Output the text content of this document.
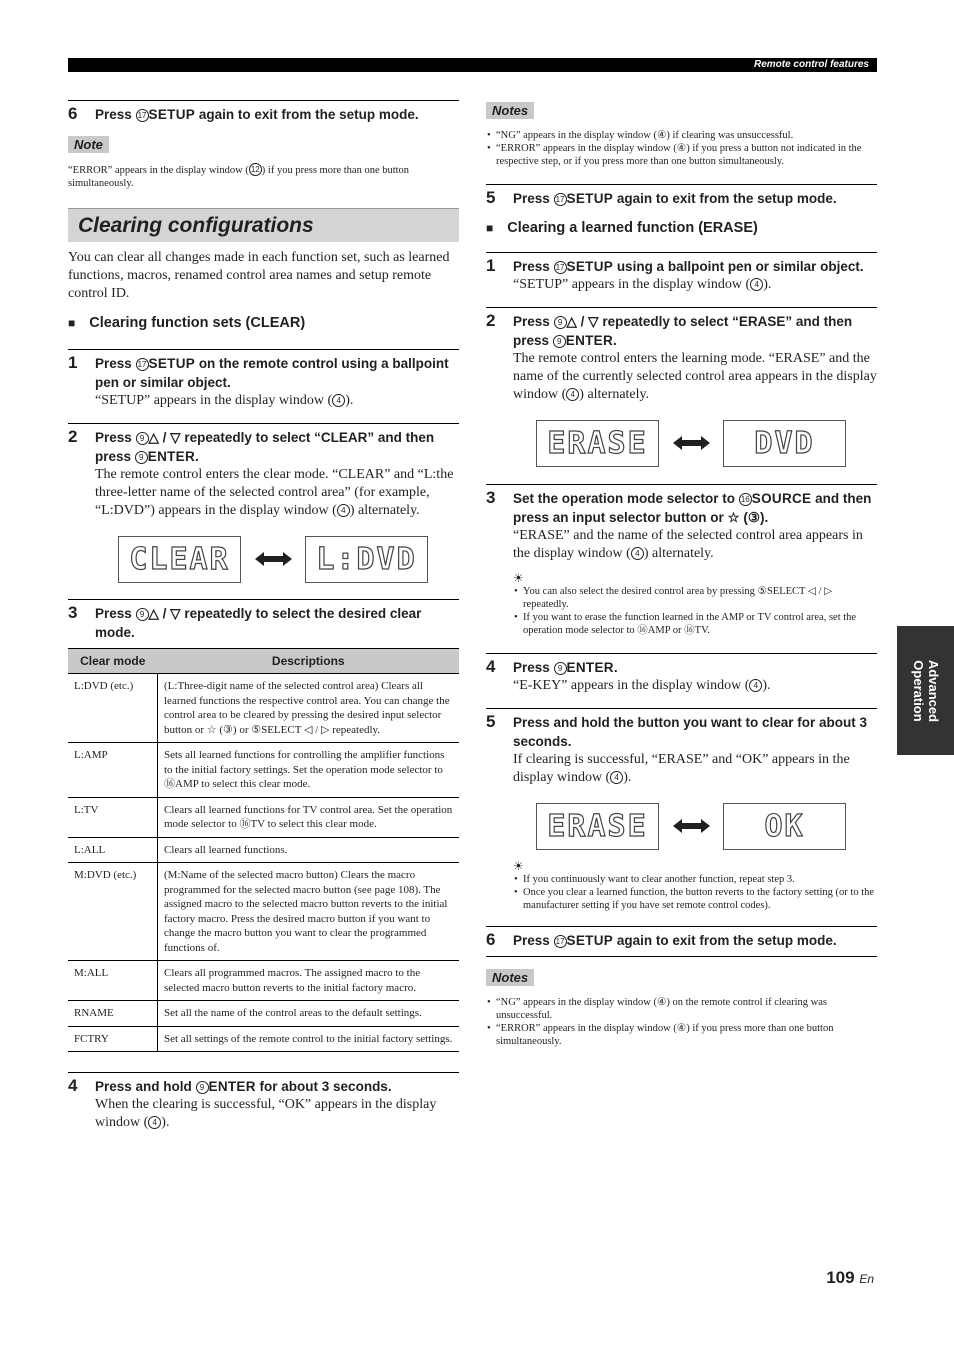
Remote control features
Advanced
Operation
6 Press 17 SETUP again to exit from the setup mode.
Note
“ERROR” appears in the display window ( 12 ) if you press more than one button simultaneously.
Clearing configurations
You can clear all changes made in each function set, such as learned functions, macros, renamed control area names and setup remote control ID.
■ Clearing function sets (CLEAR)
1 Press 17 SETUP on the remote control using a ballpoint pen or similar object.
“SETUP” appears in the display window ( 4 ).
2 Press 9 △ / ▽ repeatedly to select “CLEAR” and then press 9 ENTER.
The remote control enters the clear mode. “CLEAR” and “L:the three-letter name of the selected control area” (for example, “L:DVD”) appears in the display window ( 4 ) alternately.
CLEAR	L:DVD
3 Press 9 △ / ▽ repeatedly to select the desired clear mode.
Clear mode	Descriptions
L:DVD (etc.)	(L:Three-digit name of the selected control area) Clears all learned functions the respective control area. You can change the control area to be cleared by pressing the desired input selector button or ☆ (③) or ⑤SELECT ◁ / ▷ repeatedly.
L:AMP	Sets all learned functions for controlling the amplifier functions to the initial factory settings. Set the operation mode selector to ⑯AMP to select this clear mode.
L:TV	Clears all learned functions for TV control area. Set the operation mode selector to ⑯TV to select this clear mode.
L:ALL	Clears all learned functions.
M:DVD (etc.)	(M:Name of the selected macro button) Clears the macro programmed for the selected macro button (see page 108). The assigned macro to the selected macro button reverts to the initial factory macro. Press the desired macro button if you want to change the macro button you want to clear the programmed functions of.
M:ALL	Clears all programmed macros. The assigned macro to the selected macro button reverts to the initial factory macro.
RNAME	Set all the name of the control areas to the default settings.
FCTRY	Set all settings of the remote control to the initial factory settings.
4 Press and hold 9 ENTER for about 3 seconds.
When the clearing is successful, “OK” appears in the display window ( 4 ).
Notes
• “NG” appears in the display window (④) if clearing was unsuccessful.
• “ERROR” appears in the display window (④) if you press a button not indicated in the respective step, or if you press more than one button simultaneously.
5 Press 17 SETUP again to exit from the setup mode.
■ Clearing a learned function (ERASE)
1 Press 17 SETUP using a ballpoint pen or similar object.
“SETUP” appears in the display window ( 4 ).
2 Press 9 △ / ▽ repeatedly to select “ERASE” and then press 9 ENTER.
The remote control enters the learning mode. “ERASE” and the name of the currently selected control area appears in the display window ( 4 ) alternately.
ERASE	DVD
3 Set the operation mode selector to 16 SOURCE and then press an input selector button or ☆ (③).
“ERASE” and the name of the selected control area appears in the display window ( 4 ) alternately.
☀
• You can also select the desired control area by pressing ⑤SELECT ◁ / ▷ repeatedly.
• If you want to erase the function learned in the AMP or TV control area, set the operation mode selector to ⑯AMP or ⑯TV.
4 Press 9 ENTER.
“E-KEY” appears in the display window ( 4 ).
5 Press and hold the button you want to clear for about 3 seconds.
If clearing is successful, “ERASE” and “OK” appears in the display window ( 4 ).
ERASE	OK
☀
• If you continuously want to clear another function, repeat step 3.
• Once you clear a learned function, the button reverts to the factory setting (or to the manufacturer setting if you have set remote control codes).
6 Press 17 SETUP again to exit from the setup mode.
Notes
• “NG” appears in the display window (④) on the remote control if clearing was unsuccessful.
• “ERROR” appears in the display window (④) if you press more than one button simultaneously.
109 En
